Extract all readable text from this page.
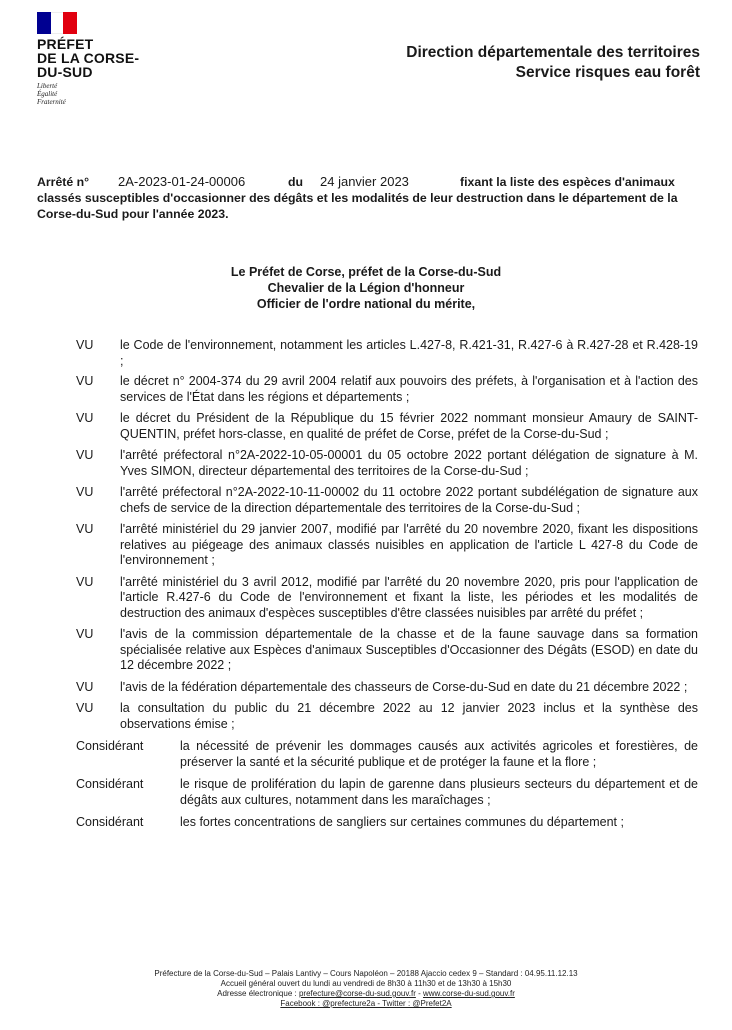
PRÉFET
DE LA CORSE-
DU-SUD
Liberté
Égalité
Fraternité
Direction départementale des territoires
Service risques eau forêt
Arrêté n° 2A-2023-01-24-00006	du 24 janvier 2023	fixant la liste des espèces d'animaux
classés susceptibles d'occasionner des dégâts et les modalités de leur destruction dans le département de la Corse-du-Sud pour l'année 2023.
Le Préfet de Corse, préfet de la Corse-du-Sud
Chevalier de la Légion d'honneur
Officier de l'ordre national du mérite,
VU	le Code de l'environnement, notamment les articles L.427-8, R.421-31, R.427-6 à R.427-28 et R.428-19 ;
VU	le décret n° 2004-374 du 29 avril 2004 relatif aux pouvoirs des préfets, à l'organisation et à l'action des services de l'État dans les régions et départements ;
VU	le décret du Président de la République du 15 février 2022 nommant monsieur Amaury de SAINT-QUENTIN, préfet hors-classe, en qualité de préfet de Corse, préfet de la Corse-du-Sud ;
VU	l'arrêté préfectoral n°2A-2022-10-05-00001 du 05 octobre 2022 portant délégation de signature à M. Yves SIMON, directeur départemental des territoires de la Corse-du-Sud ;
VU	l'arrêté préfectoral n°2A-2022-10-11-00002 du 11 octobre 2022 portant subdélégation de signature aux chefs de service de la direction départementale des territoires de la Corse-du-Sud ;
VU	l'arrêté ministériel du 29 janvier 2007, modifié par l'arrêté du 20 novembre 2020, fixant les dispositions relatives au piégeage des animaux classés nuisibles en application de l'article L 427-8 du Code de l'environnement ;
VU	l'arrêté ministériel du 3 avril 2012, modifié par l'arrêté du 20 novembre 2020, pris pour l'application de l'article R.427-6 du Code de l'environnement et fixant la liste, les périodes et les modalités de destruction des animaux d'espèces susceptibles d'être classées nuisibles par arrêté du préfet ;
VU	l'avis de la commission départementale de la chasse et de la faune sauvage dans sa formation spécialisée relative aux Espèces d'animaux Susceptibles d'Occasionner des Dégâts (ESOD) en date du 12 décembre 2022 ;
VU	l'avis de la fédération départementale des chasseurs de Corse-du-Sud en date du 21 décembre 2022 ;
VU	la consultation du public du 21 décembre 2022 au 12 janvier 2023 inclus et la synthèse des observations émise ;
Considérant	la nécessité de prévenir les dommages causés aux activités agricoles et forestières, de préserver la santé et la sécurité publique et de protéger la faune et la flore ;
Considérant	le risque de prolifération du lapin de garenne dans plusieurs secteurs du département et de dégâts aux cultures, notamment dans les maraîchages ;
Considérant	les fortes concentrations de sangliers sur certaines communes du département ;
Préfecture de la Corse-du-Sud – Palais Lantivy – Cours Napoléon – 20188 Ajaccio cedex 9 – Standard : 04.95.11.12.13
Accueil général ouvert du lundi au vendredi de 8h30 à 11h30 et de 13h30 à 15h30
Adresse électronique : prefecture@corse-du-sud.gouv.fr - www.corse-du-sud.gouv.fr
Facebook : @prefecture2a - Twitter : @Prefet2A
